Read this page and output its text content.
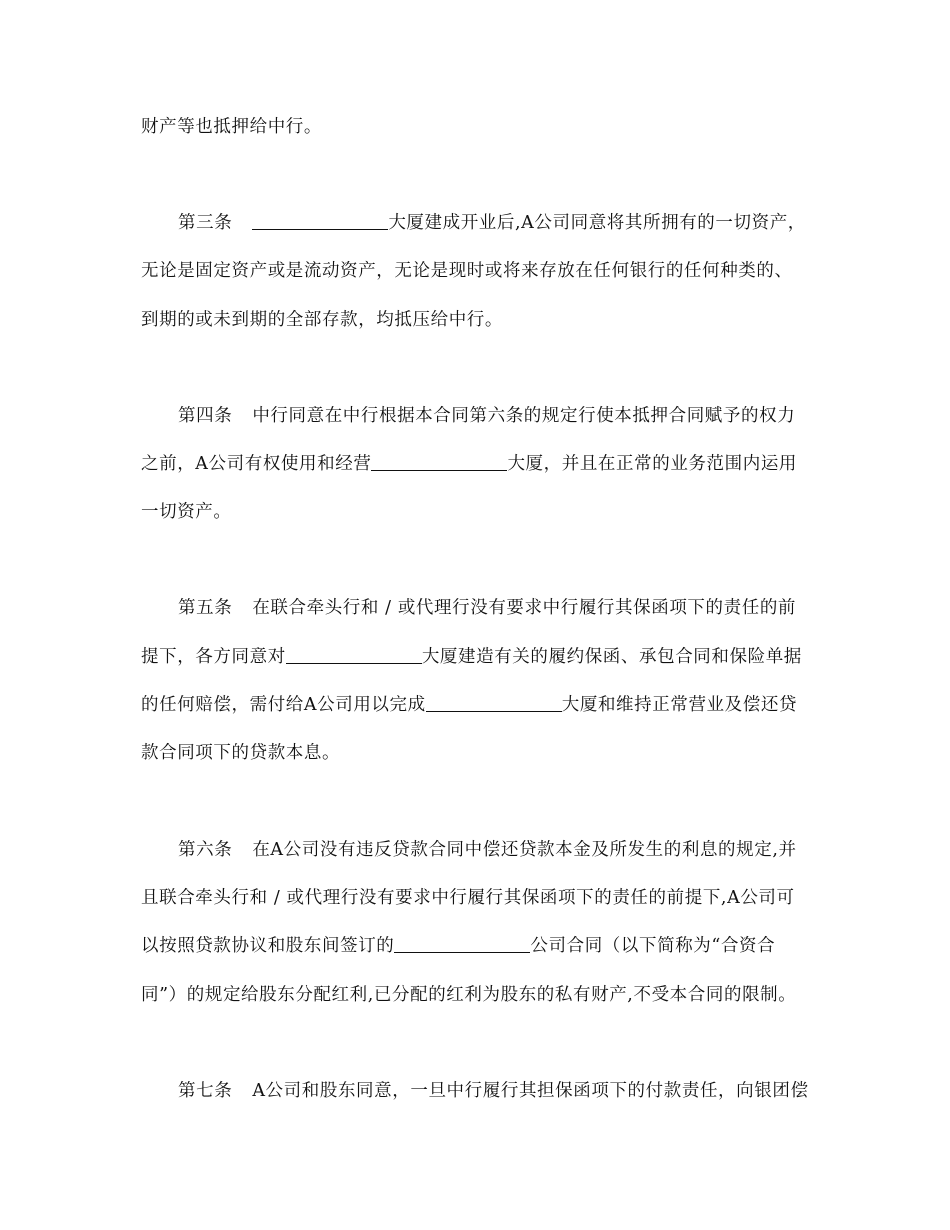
财产等也抵押给中行。
第三条	大厦建成开业后,A公司同意将其所拥有的一切资产，
无论是固定资产或是流动资产，无论是现时或将来存放在任何银行的任何种类的、
到期的或未到期的全部存款，均抵压给中行。
第四条 中行同意在中行根据本合同第六条的规定行使本抵押合同赋予的权力
之前，A公司有权使用和经营	大厦，并且在正常的业务范围内运用
一切资产。
第五条 在联合牵头行和 / 或代理行没有要求中行履行其保函项下的责任的前
提下，各方同意对	大厦建造有关的履约保函、承包合同和保险单据
的任何赔偿，需付给A公司用以完成	大厦和维持正常营业及偿还贷
款合同项下的贷款本息。
第六条 在A公司没有违反贷款合同中偿还贷款本金及所发生的利息的规定,并
且联合牵头行和 / 或代理行没有要求中行履行其保函项下的责任的前提下,A公司可
以按照贷款协议和股东间签订的	公司合同（以下简称为“合资合
同”）的规定给股东分配红利,已分配的红利为股东的私有财产,不受本合同的限制。
第七条 A公司和股东同意，一旦中行履行其担保函项下的付款责任，向银团偿
